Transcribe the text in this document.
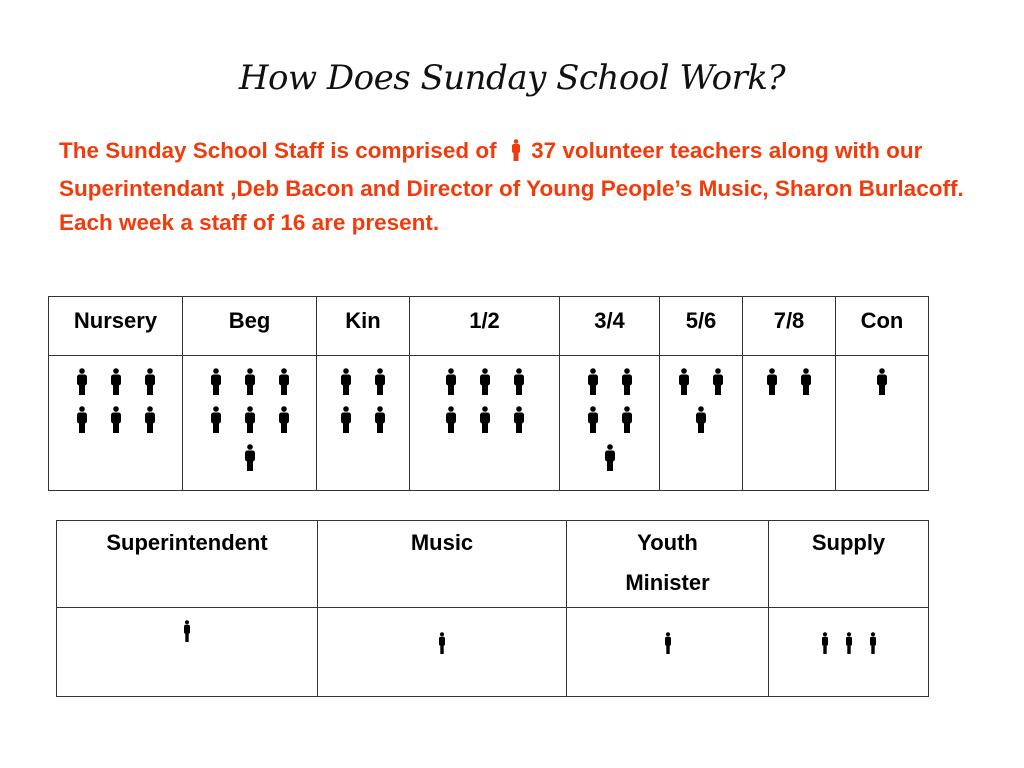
How Does Sunday School Work?
The Sunday School Staff is comprised of  37 volunteer teachers along with our Superintendant ,Deb Bacon and Director of Young People’s Music, Sharon Burlacoff. Each week a staff of 16 are present.
Nursery	Beg	Kin	1/2	3/4	5/6	7/8	Con

Superintendent	Music	Youth Minister	Supply
